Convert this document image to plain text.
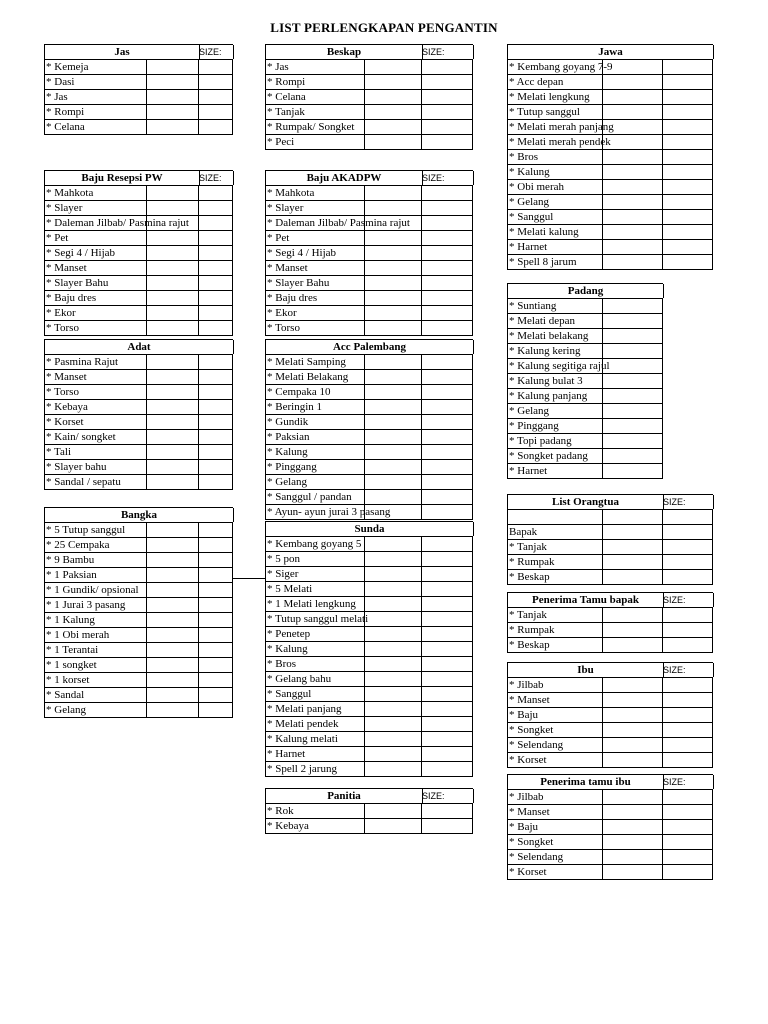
LIST PERLENGKAPAN PENGANTIN
Jas	SIZE:
* Kemeja
* Dasi
* Jas
* Rompi
* Celana
Baju Resepsi PW	SIZE:
* Mahkota
* Slayer
* Daleman Jilbab/ Pasmina rajut
* Pet
* Segi 4 / Hijab
* Manset
* Slayer Bahu
* Baju dres
* Ekor
* Torso
Adat
* Pasmina Rajut
* Manset
* Torso
* Kebaya
* Korset
* Kain/ songket
* Tali
* Slayer bahu
* Sandal / sepatu
Bangka
* 5 Tutup sanggul
* 25 Cempaka
* 9 Bambu
* 1 Paksian
* 1 Gundik/ opsional
* 1 Jurai 3 pasang
* 1 Kalung
* 1 Obi merah
* 1 Terantai
* 1 songket
* 1 korset
* Sandal
* Gelang
Beskap	SIZE:
* Jas
* Rompi
* Celana
* Tanjak
* Rumpak/ Songket
* Peci
Baju AKADPW	SIZE:
* Mahkota
* Slayer
* Daleman Jilbab/ Pasmina rajut
* Pet
* Segi 4 / Hijab
* Manset
* Slayer Bahu
* Baju dres
* Ekor
* Torso
Acc Palembang
* Melati Samping
* Melati Belakang
* Cempaka 10
* Beringin 1
* Gundik
* Paksian
* Kalung
* Pinggang
* Gelang
* Sanggul / pandan
* Ayun- ayun jurai 3 pasang
Sunda
* Kembang goyang 5
* 5 pon
* Siger
* 5 Melati
* 1 Melati lengkung
* Tutup sanggul melati
* Penetep
* Kalung
* Bros
* Gelang bahu
* Sanggul
* Melati panjang
* Melati pendek
* Kalung melati
* Harnet
* Spell 2 jarung
Panitia	SIZE:
* Rok
* Kebaya
Jawa
* Kembang goyang 7-9
* Acc depan
* Melati lengkung
* Tutup sanggul
* Melati merah panjang
* Melati merah pendek
* Bros
* Kalung
* Obi merah
* Gelang
* Sanggul
* Melati kalung
* Harnet
* Spell 8 jarum
Padang
* Suntiang
* Melati depan
* Melati belakang
* Kalung kering
* Kalung segitiga rajul
* Kalung bulat 3
* Kalung panjang
* Gelang
* Pinggang
* Topi padang
* Songket padang
* Harnet
List Orangtua	SIZE:
Bapak
* Tanjak
* Rumpak
* Beskap
Penerima Tamu bapak	SIZE:
* Tanjak
* Rumpak
* Beskap
Ibu	SIZE:
* Jilbab
* Manset
* Baju
* Songket
* Selendang
* Korset
Penerima tamu ibu	SIZE:
* Jilbab
* Manset
* Baju
* Songket
* Selendang
* Korset
